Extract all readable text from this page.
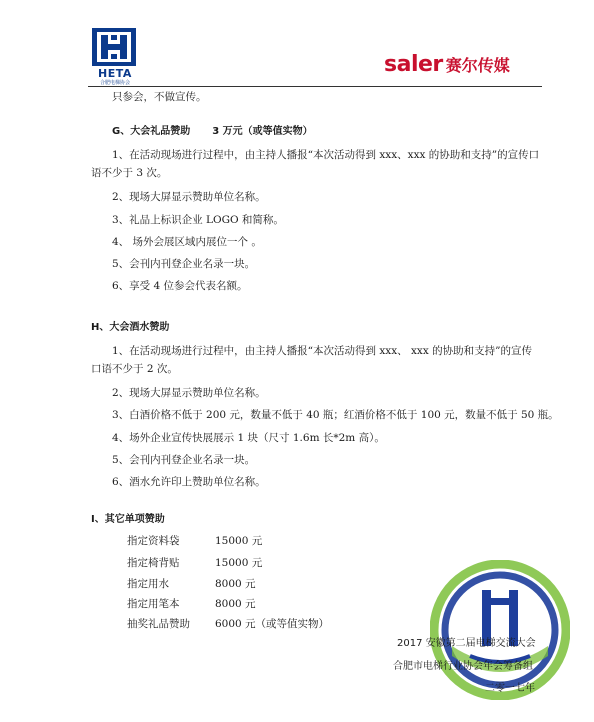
HETA
合肥电梯协会
saler 赛尔传媒
只参会，不做宣传。
G、大会礼品赞助 3 万元（或等值实物）
1、在活动现场进行过程中，由主持人播报“本次活动得到 xxx、xxx 的协助和支持”的宣传口
语不少于 3 次。
2、现场大屏显示赞助单位名称。
3、礼品上标识企业 LOGO 和简称。
4、 场外会展区域内展位一个 。
5、会刊内刊登企业名录一块。
6、享受 4 位参会代表名额。
H、大会酒水赞助
1、在活动现场进行过程中，由主持人播报“本次活动得到 xxx、 xxx 的协助和支持”的宣传
口语不少于 2 次。
2、现场大屏显示赞助单位名称。
3、白酒价格不低于 200 元，数量不低于 40 瓶；红酒价格不低于 100 元，数量不低于 50 瓶。
4、场外企业宣传快展展示 1 块（尺寸 1.6m 长*2m 高）。
5、会刊内刊登企业名录一块。
6、酒水允许印上赞助单位名称。
I、其它单项赞助
指定资料袋	15000 元
指定椅背贴	15000 元
指定用水	8000 元
指定用笔本	8000 元
抽奖礼品赞助 6000 元（或等值实物）
2017 安徽第二届电梯交流大会
合肥市电梯行业协会年会筹备组
二零一七年
